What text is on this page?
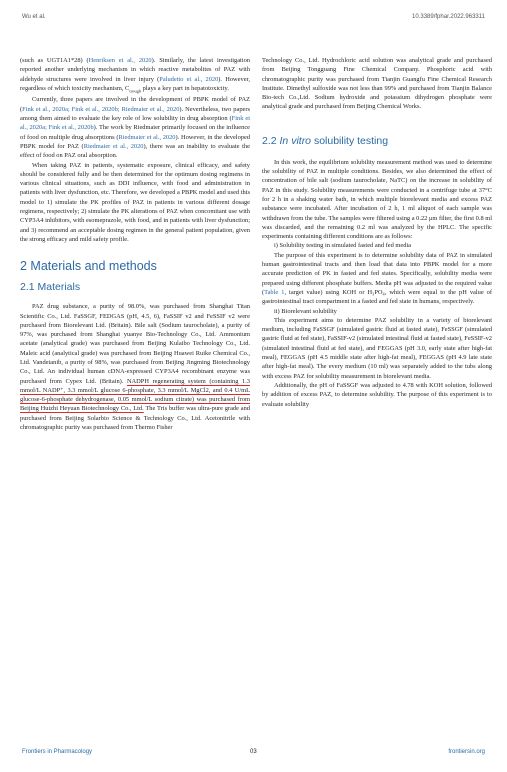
Wu et al.	10.3389/fphar.2022.963311

(such as UGT1A1*28) (Henriksen et al., 2020). Similarly, the latest investigation reported another underlying mechanism in which reactive metabolites of PAZ with aldehyde structures were involved in liver injury (Paludetto et al., 2020). However, regardless of which toxicity mechanism, $C_{trough}$ plays a key part in hepatotoxicity.

Currently, three papers are involved in the development of PBPK model of PAZ (Fink et al., 2020a; Fink et al., 2020b; Riedmaier et al., 2020). Nevertheless, two papers among them aimed to evaluate the key role of low solubility in drug absorption (Fink et al., 2020a; Fink et al., 2020b). The work by Riedmaier primarily focused on the influence of food on multiple drug absorptions (Riedmaier et al., 2020). However, in the developed PBPK model for PAZ (Riedmaier et al., 2020), there was an inability to evaluate the effect of food on PAZ oral absorption.

When taking PAZ in patients, systematic exposure, clinical efficacy, and safety should be considered fully and be then determined for the optimum dosing regimens in various clinical situations, such as DDI influence, with food and administration in patients with liver dysfunction, etc. Therefore, we developed a PBPK model and used this model to 1) simulate the PK profiles of PAZ in patients in various different dosage regimens, respectively; 2) simulate the PK alterations of PAZ when concomitant use with CYP3A4 inhibitors, with esomeprazole, with food, and in patients with liver dysfunction; and 3) recommend an acceptable dosing regimen in the general patient population, given the strong efficacy and mild safety profile.

2 Materials and methods
2.1 Materials

PAZ drug substance, a purity of 98.0%, was purchased from Shanghai Titan Scientific Co., Ltd. FaSSGF, FEDGAS (pH, 4.5, 6), FaSSIF v2 and FeSSIF v2 were purchased from Biorelevant Ltd. (Britain). Bile salt (Sodium taurocholate), a purity of 97%, was purchased from Shanghai yuanye Bio-Technology Co., Ltd. Ammonium acetate (analytical grade) was purchased from Beijing Kulaibo Technology Co., Ltd. Maleic acid (analytical grade) was purchased from Beijing Huawei Ruike Chemical Co., Ltd. Vandetanib, a purity of 98%, was purchased from Beijing Jingming Biotechnology Co., Ltd. An individual human cDNA-expressed CYP3A4 recombinant enzyme was purchased from Cypex Ltd. (Britain). NADPH regenerating system (containing 1.3 mmol/L NADP⁺, 3.3 mmol/L glucose 6-phosphate, 3.3 mmol/L MgCl2, and 0.4 U/mL glucose-6-phosphate dehydrogenase, 0.05 mmol/L sodium citrate) was purchased from Beijing Huizhi Heyuan Biotechnology Co., Ltd. The Tris buffer was ultra-pure grade and purchased from Beijing Solarbio Science & Technology Co., Ltd. Acetonitrile with chromatographic purity was purchased from Thermo Fisher

Technology Co., Ltd. Hydrochloric acid solution was analytical grade and purchased from Beijing Tongguang Fine Chemical Company. Phosphoric acid with chromatographic purity was purchased from Tianjin Guangfu Fine Chemical Research Institute. Dimethyl sulfoxide was not less than 99% and purchased from Tianjin Balance Bio-tech Co.,Ltd. Sodium hydroxide and potassium dihydrogen phosphate were analytical grade and purchased from Beijing Chemical Works.

2.2 In vitro solubility testing

In this work, the equilibrium solubility measurement method was used to determine the solubility of PAZ in multiple conditions. Besides, we also determined the effect of concentration of bile salt (sodium taurocholate, NaTC) on the increase in solubility of PAZ in this study. Solubility measurements were conducted in a centrifuge tube at 37°C for 2 h in a shaking water bath, in which multiple biorelevant media and excess PAZ substance were incubated. After incubation of 2 h, 1 ml aliquot of each sample was withdrawn from the tube. The samples were filtered using a 0.22 μm filter, the first 0.8 ml was discarded, and the remaining 0.2 ml was analyzed by the HPLC. The specific experiments containing different conditions are as follows:

i) Solubility testing in simulated fasted and fed media

The purpose of this experiment is to determine solubility data of PAZ in simulated human gastrointestinal tracts and then load that data into PBPK model for a more accurate prediction of PK in fasted and fed states. Specifically, solubility media were prepared using different phosphate buffers. Media pH was adjusted to the required value (Table 1, target value) using KOH or H₃PO₄, which were equal to the pH value of gastrointestinal tract compartment in a fasted and fed state in humans, respectively.

ii) Biorelevant solubility

This experiment aims to determine PAZ solubility in a variety of biorelevant medium, including FaSSGF (simulated gastric fluid at fasted state), FeSSGF (simulated gastric fluid at fed state), FaSSIF-v2 (simulated intestinal fluid at fasted state), FeSSIF-v2 (simulated intestinal fluid at fed state), and FEGGAS (pH 3.0, early state after high-fat meal), FEGGAS (pH 4.5 middle state after high-fat meal), FEGGAS (pH 4.9 late state after high-fat meal). The every medium (10 ml) was separately added to the tubs along with excess PAZ for solubility measurement in biorelevant media.

Additionally, the pH of FaSSGF was adjusted to 4.78 with KOH solution, followed by addition of excess PAZ, to determine solubility. The purpose of this experiment is to evaluate solubility

Frontiers in Pharmacology	03	frontiersin.org
